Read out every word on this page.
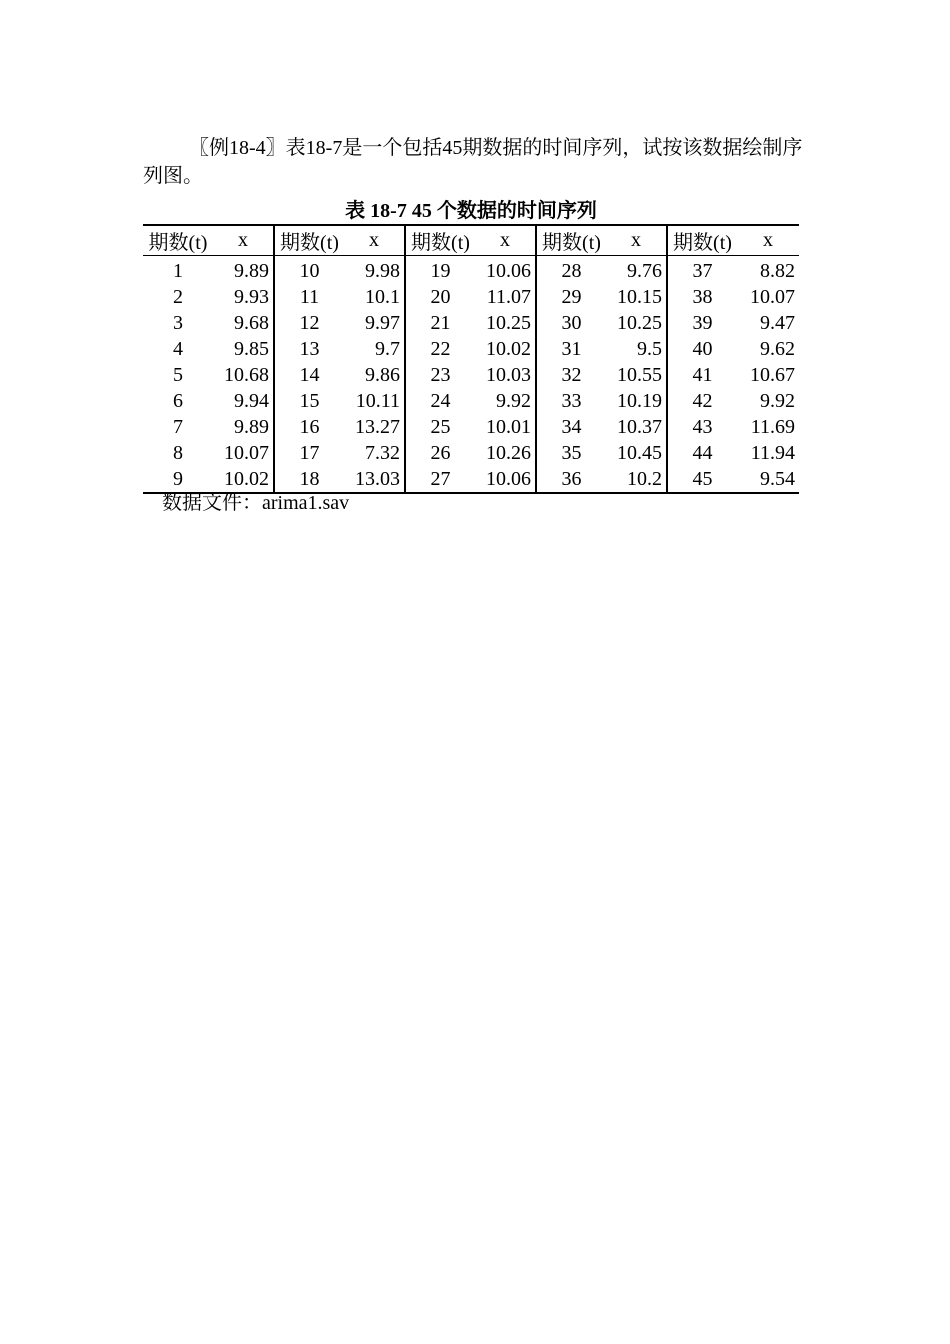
〖例18-4〗表18-7是一个包括45期数据的时间序列，试按该数据绘制序列图。

表 18-7 45 个数据的时间序列
期数(t)	x	期数(t)	x	期数(t)	x	期数(t)	x	期数(t)	x
1	9.89	10	9.98	19	10.06	28	9.76	37	8.82
2	9.93	11	10.1	20	11.07	29	10.15	38	10.07
3	9.68	12	9.97	21	10.25	30	10.25	39	9.47
4	9.85	13	9.7	22	10.02	31	9.5	40	9.62
5	10.68	14	9.86	23	10.03	32	10.55	41	10.67
6	9.94	15	10.11	24	9.92	33	10.19	42	9.92
7	9.89	16	13.27	25	10.01	34	10.37	43	11.69
8	10.07	17	7.32	26	10.26	35	10.45	44	11.94
9	10.02	18	13.03	27	10.06	36	10.2	45	9.54
数据文件：arima1.sav
